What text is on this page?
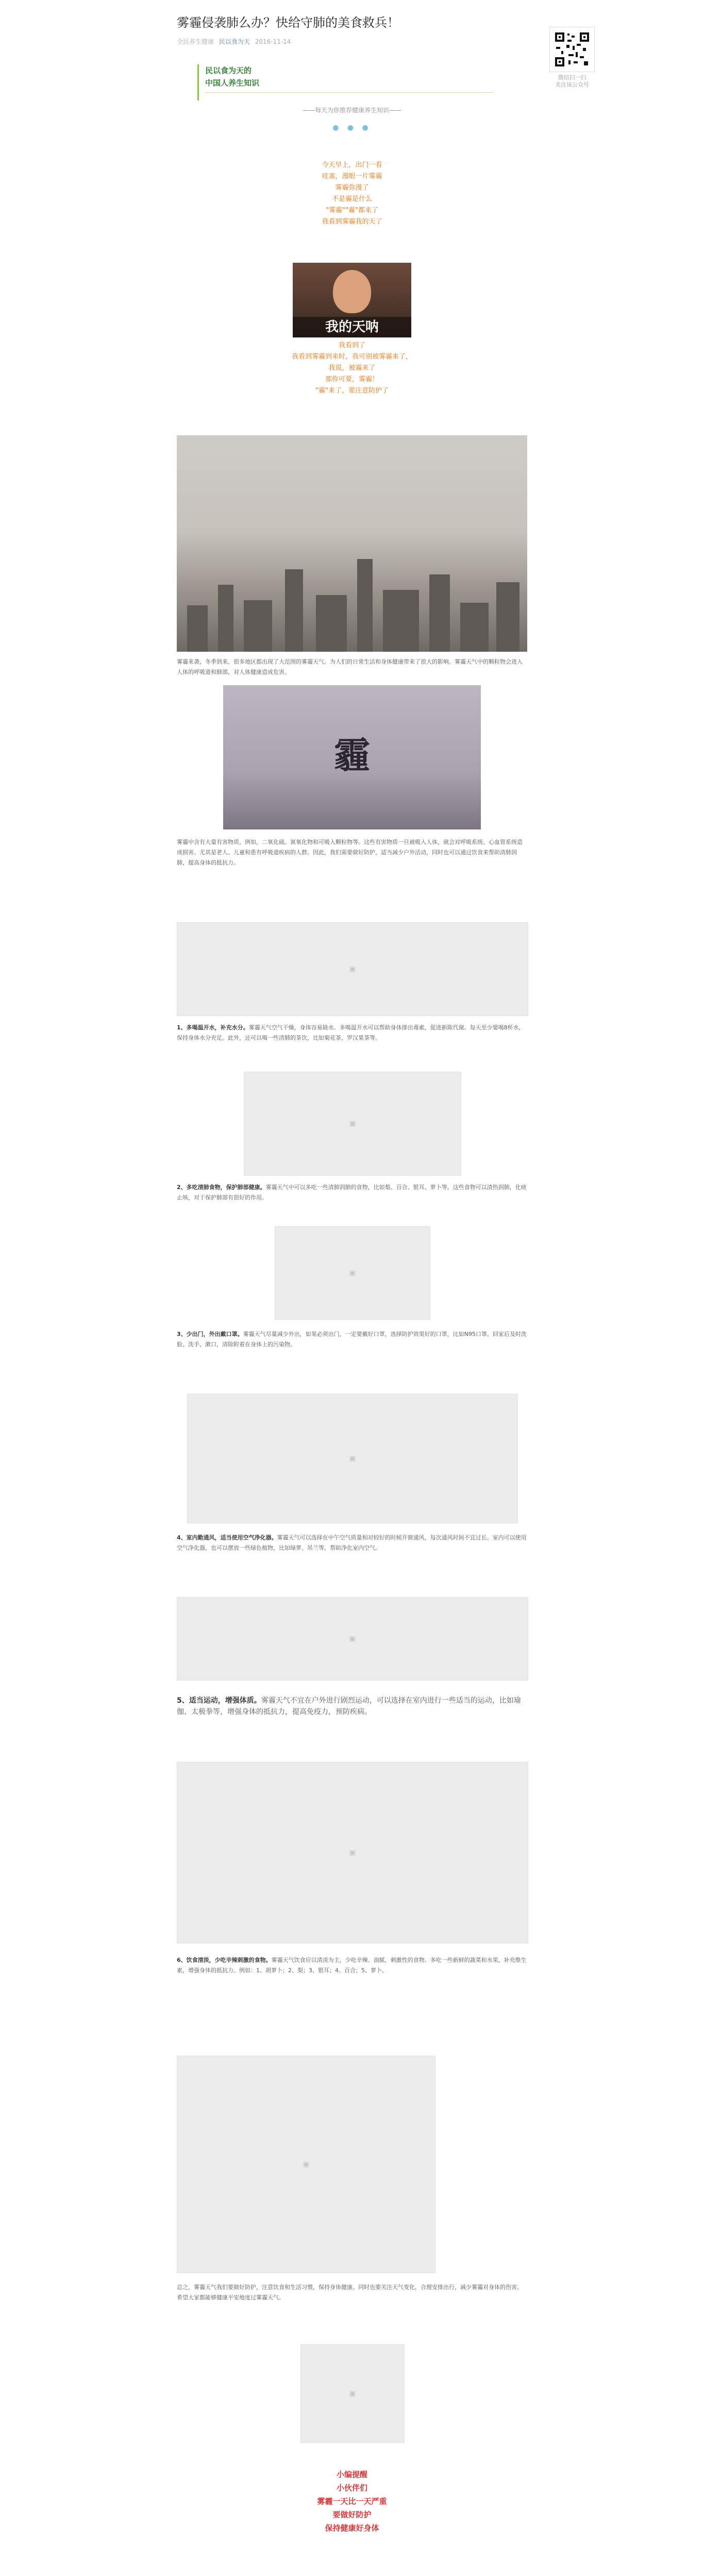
雾霾侵袭肺么办？快给守肺的美食救兵！
全民养生健康 民以食为天 2016-11-14
微信扫一扫
关注该公众号
民以食为天的
中国人养生知识
——每天为你推荐健康养生知识——
● ● ●
今天早上，出门一看
哇塞，漫眼一片雾霾
雾霾弥漫了
不是霾是什么
"雾霾""霾"都来了
我看到雾霾我的天了
我的天呐
我看到了
我看到雾霾到来时，我可别被雾霾来了，
我说，被霾来了
那你可要，雾霾！
"霾"来了，要注意防护了
雾霾来袭，冬季到来，很多地区都出现了大范围的雾霾天气。为人们的日常生活和身体健康带来了很大的影响。雾霾天气中的颗粒物会进入人体的呼吸道和肺部，对人体健康造成危害。
霾
雾霾中含有大量有害物质，例如，二氧化硫、氮氧化物和可吸入颗粒物等。这些有害物质一旦被吸入人体，就会对呼吸系统、心血管系统造成损害。尤其是老人、儿童和患有呼吸道疾病的人群。因此，我们需要做好防护，适当减少户外活动，同时也可以通过饮食来帮助清肺润肺，提高身体的抵抗力。
▣
1、多喝温开水，补充水分。雾霾天气空气干燥，身体容易缺水。多喝温开水可以帮助身体排出毒素，促进新陈代谢。每天至少要喝8杯水，保持身体水分充足。此外，还可以喝一些清肺的茶饮，比如菊花茶、罗汉果茶等。
▣
2、多吃清肺食物，保护肺部健康。雾霾天气中可以多吃一些清肺润肺的食物，比如梨、百合、银耳、萝卜等。这些食物可以清热润肺，化痰止咳，对于保护肺部有很好的作用。
▣
3、少出门，外出戴口罩。雾霾天气尽量减少外出，如果必须出门，一定要戴好口罩，选择防护效果好的口罩，比如N95口罩。回家后及时洗脸、洗手、漱口，清除附着在身体上的污染物。
▣
4、室内勤通风，适当使用空气净化器。雾霾天气可以选择在中午空气质量相对较好的时候开窗通风，每次通风时间不宜过长。室内可以使用空气净化器，也可以摆放一些绿色植物，比如绿萝、吊兰等，帮助净化室内空气。
▣
5、适当运动，增强体质。雾霾天气不宜在户外进行剧烈运动，可以选择在室内进行一些适当的运动，比如瑜伽、太极拳等，增强身体的抵抗力，提高免疫力，预防疾病。
▣
6、饮食清淡，少吃辛辣刺激的食物。雾霾天气饮食应以清淡为主，少吃辛辣、油腻、刺激性的食物。多吃一些新鲜的蔬菜和水果，补充维生素，增强身体的抵抗力。例如：1、胡萝卜；2、梨；3、银耳；4、百合；5、萝卜。
▣
总之，雾霾天气我们要做好防护，注意饮食和生活习惯，保持身体健康。同时也要关注天气变化，合理安排出行，减少雾霾对身体的伤害。希望大家都能够健康平安地度过雾霾天气。
▣
小编提醒
小伙伴们
雾霾一天比一天严重
要做好防护
保持健康好身体
